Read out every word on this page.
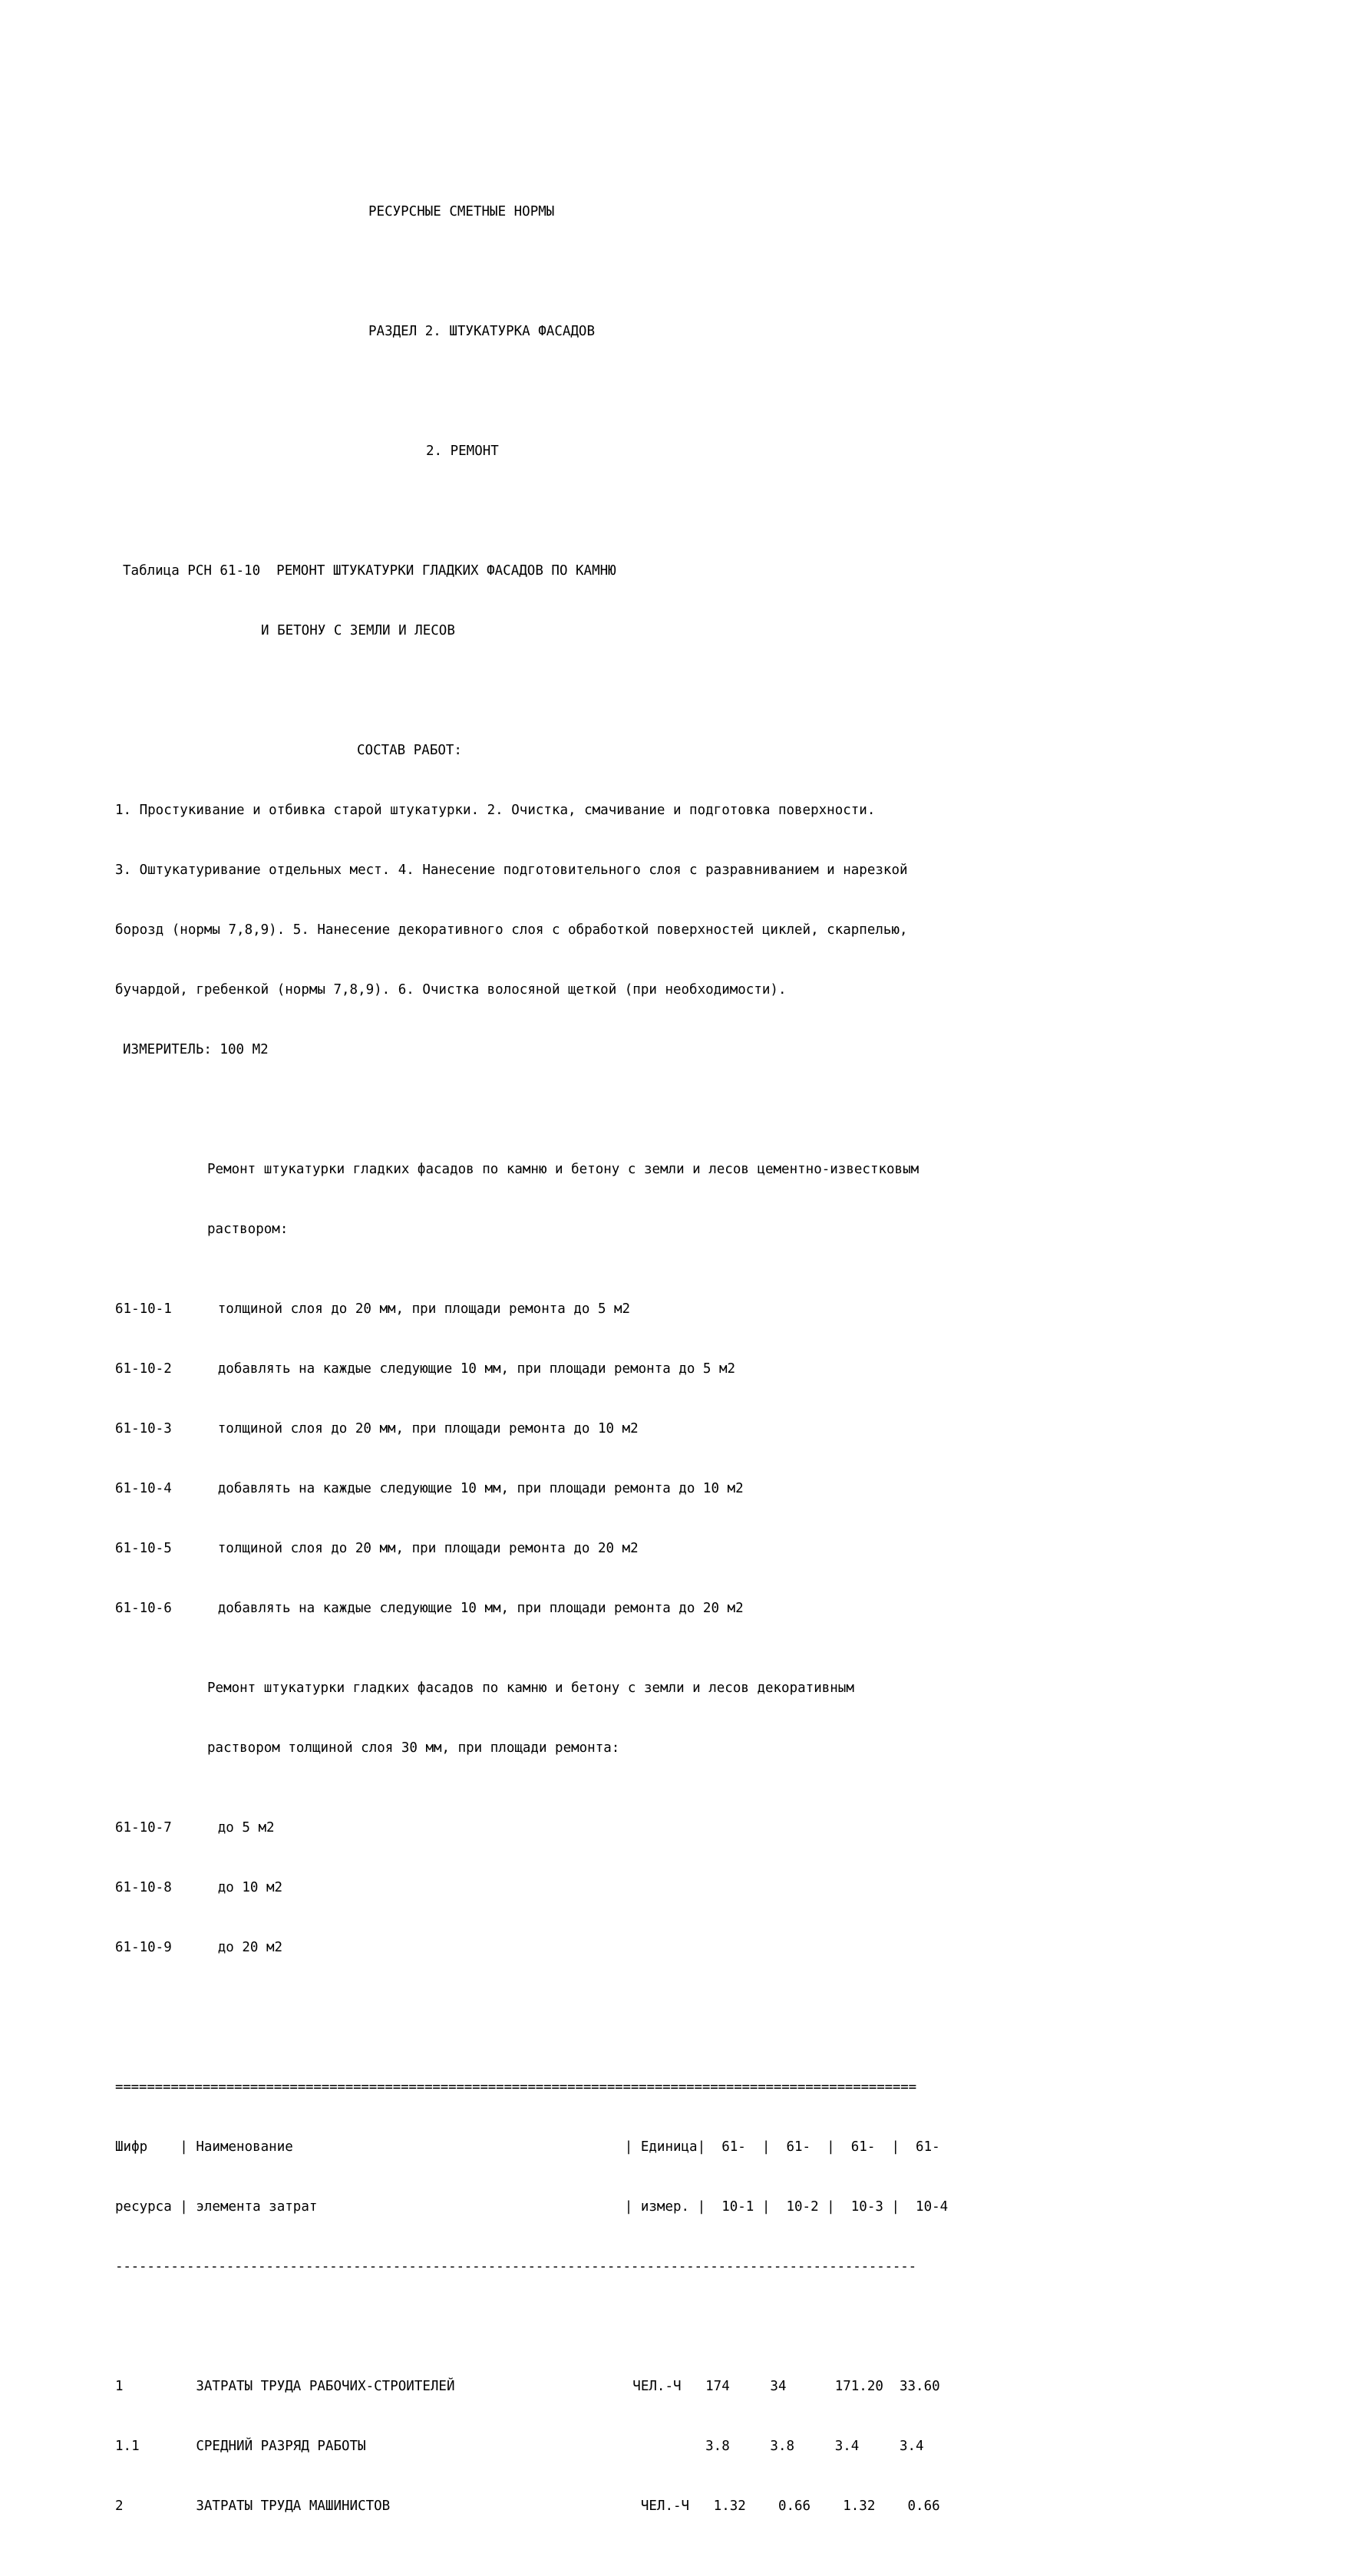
РЕСУРСНЫЕ СМЕТНЫЕ НОРМЫ

РАЗДЕЛ 2. ШТУКАТУРКА ФАСАДОВ

2. РЕМОНТ

Таблица РСН 61-10  РЕМОНТ ШТУКАТУРКИ ГЛАДКИХ ФАСАДОВ ПО КАМНЮ

И БЕТОНУ С ЗЕМЛИ И ЛЕСОВ

СОСТАВ РАБОТ:

1. Простукивание и отбивка старой штукатурки. 2. Очистка, смачивание и подготовка поверхности.

3. Оштукатуривание отдельных мест. 4. Нанесение подготовительного слоя с разравниванием и нарезкой

борозд (нормы 7,8,9). 5. Нанесение декоративного слоя с обработкой поверхностей циклей, скарпелью,

бучардой, гребенкой (нормы 7,8,9). 6. Очистка волосяной щеткой (при необходимости).

ИЗМЕРИТЕЛЬ: 100 М2

Ремонт штукатурки гладких фасадов по камню и бетону с земли и лесов цементно-известковым

раствором:

61-10-1	толщиной слоя до 20 мм, при площади ремонта до 5 м2

61-10-2	добавлять на каждые следующие 10 мм, при площади ремонта до 5 м2

61-10-3	толщиной слоя до 20 мм, при площади ремонта до 10 м2

61-10-4	добавлять на каждые следующие 10 мм, при площади ремонта до 10 м2

61-10-5	толщиной слоя до 20 мм, при площади ремонта до 20 м2

61-10-6	добавлять на каждые следующие 10 мм, при площади ремонта до 20 м2

Ремонт штукатурки гладких фасадов по камню и бетону с земли и лесов декоративным

раствором толщиной слоя 30 мм, при площади ремонта:

61-10-7	до 5 м2

61-10-8	до 10 м2

61-10-9	до 20 м2

=====================================================================================================

Шифр    | Наименование                                         | Единица|  61-  |  61-  |  61-  |  61-

ресурса | элемента затрат                                      | измер. |  10-1 |  10-2 |  10-3 |  10-4

-----------------------------------------------------------------------------------------------------

1         ЗАТРАТЫ ТРУДА РАБОЧИХ-СТРОИТЕЛЕЙ                      ЧЕЛ.-Ч   174     34      171.20  33.60

1.1       СРЕДНИЙ РАЗРЯД РАБОТЫ                                          3.8     3.8     3.4     3.4

2         ЗАТРАТЫ ТРУДА МАШИНИСТОВ                               ЧЕЛ.-Ч   1.32    0.66    1.32    0.66
